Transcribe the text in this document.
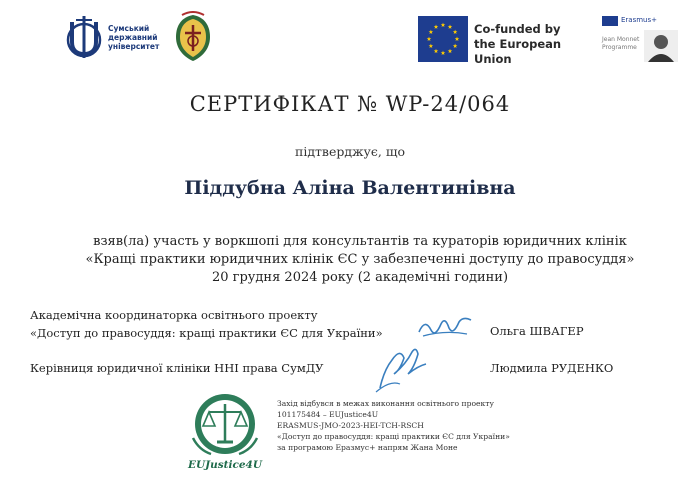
Сумський
державний
університет
Co-funded by
the European Union
Erasmus+
Jean Monnet
Programme
СЕРТИФІКАТ № WP-24/064
підтверджує, що
Піддубна Аліна Валентинівна
взяв(ла) участь у воркшопі для консультантів та кураторів юридичних клінік
«Кращі практики юридичних клінік ЄС у забезпеченні доступу до правосуддя»
20 грудня 2024 року (2 академічні години)
Академічна координаторка освітнього проекту
«Доступ до правосуддя: кращі практики ЄС для України»	Ольга ШВАГЕР
Керівниця юридичної клініки ННІ права СумДУ	Людмила РУДЕНКО
EUJustice4U
Захід відбувся в межах виконання освітнього проекту
101175484 – EUJustice4U
ERASMUS-JMO-2023-HEI-TCH-RSCH
«Доступ до правосуддя: кращі практики ЄС для України»
за програмою Еразмус+ напрям Жана Моне
